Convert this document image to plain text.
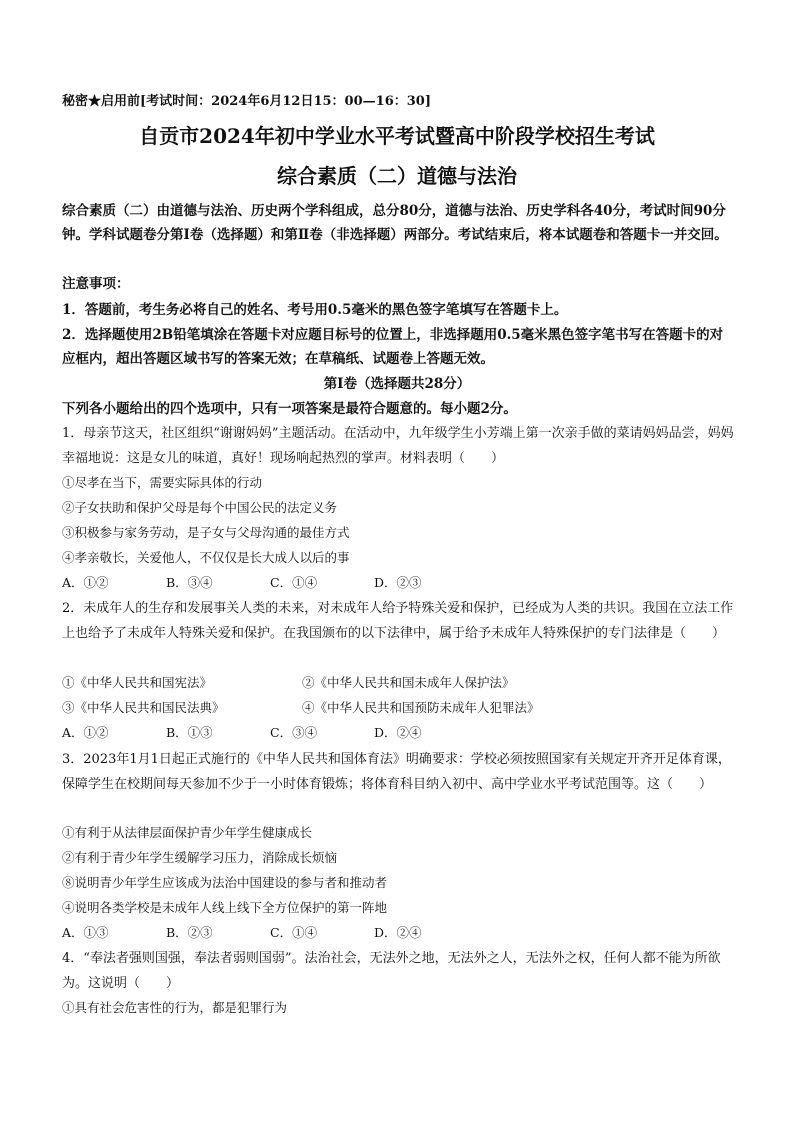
秘密★启用前[考试时间：2024年6月12日15：00—16：30]
自贡市2024年初中学业水平考试暨高中阶段学校招生考试
综合素质（二）道德与法治
综合素质（二）由道德与法治、历史两个学科组成，总分80分，道德与法治、历史学科各40分，考试时间90分钟。学科试题卷分第Ⅰ卷（选择题）和第Ⅱ卷（非选择题）两部分。考试结束后，将本试题卷和答题卡一并交回。
注意事项：
1．答题前，考生务必将自己的姓名、考号用0.5毫米的黑色签字笔填写在答题卡上。
2．选择题使用2B铅笔填涂在答题卡对应题目标号的位置上，非选择题用0.5毫米黑色签字笔书写在答题卡的对应框内，超出答题区域书写的答案无效；在草稿纸、试题卷上答题无效。
第Ⅰ卷（选择题共28分）
下列各小题给出的四个选项中，只有一项答案是最符合题意的。每小题2分。
1．母亲节这天，社区组织“谢谢妈妈”主题活动。在活动中，九年级学生小芳端上第一次亲手做的菜请妈妈品尝，妈妈幸福地说：这是女儿的味道，真好！现场响起热烈的掌声。材料表明（　　）
①尽孝在当下，需要实际具体的行动
②子女扶助和保护父母是每个中国公民的法定义务
③积极参与家务劳动，是子女与父母沟通的最佳方式
④孝亲敬长，关爱他人，不仅仅是长大成人以后的事
A．①②	B．③④	C．①④	D．②③
2．未成年人的生存和发展事关人类的未来，对未成年人给予特殊关爱和保护，已经成为人类的共识。我国在立法工作上也给予了未成年人特殊关爱和保护。在我国颁布的以下法律中，属于给予未成年人特殊保护的专门法律是（　　）
①《中华人民共和国宪法》	②《中华人民共和国未成年人保护法》
③《中华人民共和国民法典》	④《中华人民共和国预防未成年人犯罪法》
A．①②	B．①③	C．③④	D．②④
3．2023年1月1日起正式施行的《中华人民共和国体育法》明确要求：学校必须按照国家有关规定开齐开足体育课，保障学生在校期间每天参加不少于一小时体育锻炼；将体育科目纳入初中、高中学业水平考试范围等。这（　　）
①有利于从法律层面保护青少年学生健康成长
②有利于青少年学生缓解学习压力，消除成长烦恼
⑧说明青少年学生应该成为法治中国建设的参与者和推动者
④说明各类学校是未成年人线上线下全方位保护的第一阵地
A．①③	B．②③	C．①④	D．②④
4．“奉法者强则国强，奉法者弱则国弱”。法治社会，无法外之地，无法外之人，无法外之权，任何人都不能为所欲为。这说明（　　）
①具有社会危害性的行为，都是犯罪行为
